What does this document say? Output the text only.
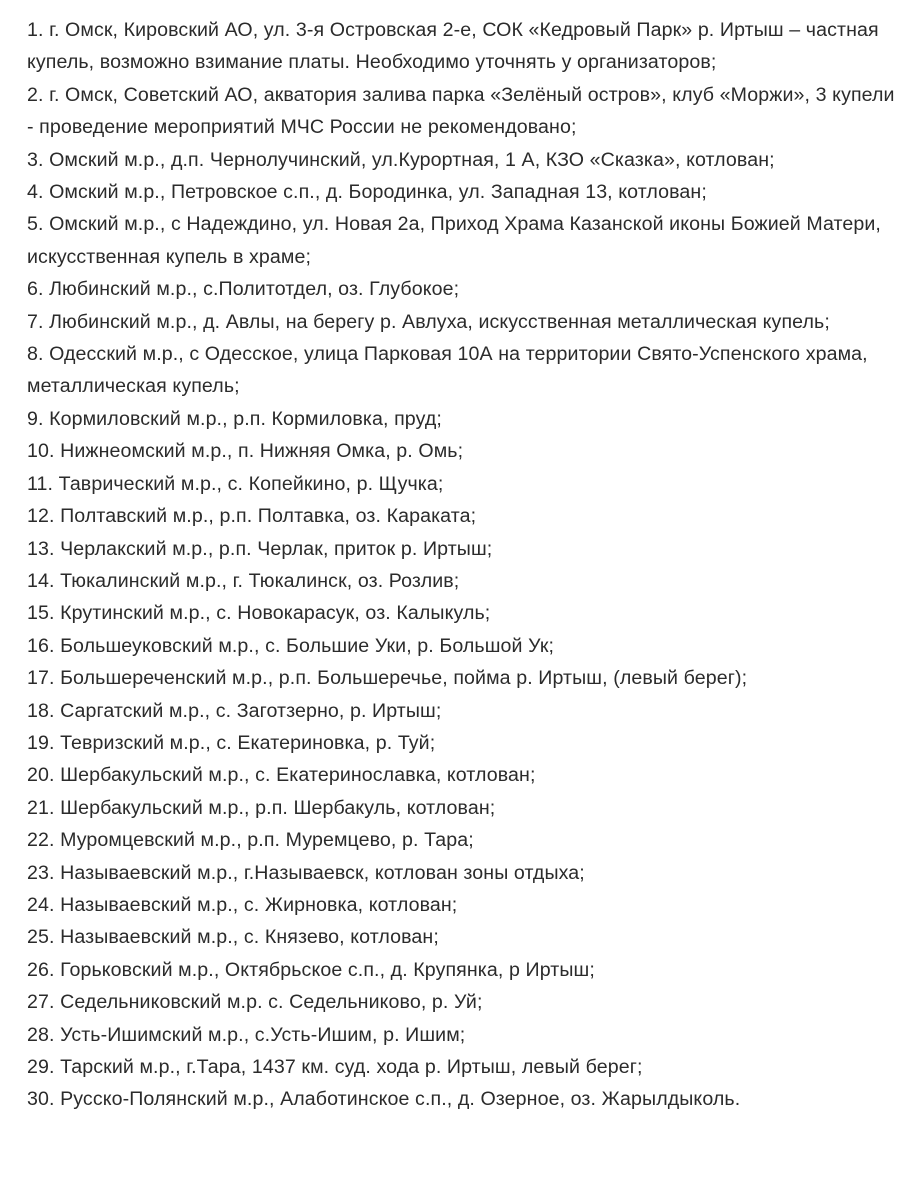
1. г. Омск, Кировский АО, ул. 3-я Островская 2-е, СОК «Кедровый Парк» р. Иртыш – частная купель, возможно взимание платы. Необходимо уточнять у организаторов;
2. г. Омск, Советский АО, акватория залива парка «Зелёный остров», клуб «Моржи», 3 купели - проведение мероприятий МЧС России не рекомендовано;
3. Омский м.р., д.п. Чернолучинский, ул.Курортная, 1 А, КЗО «Сказка», котлован;
4. Омский м.р., Петровское с.п., д. Бородинка, ул. Западная 13, котлован;
5. Омский м.р., с Надеждино, ул. Новая 2а, Приход Храма Казанской иконы Божией Матери, искусственная купель в храме;
6. Любинский м.р., с.Политотдел, оз. Глубокое;
7. Любинский м.р., д. Авлы, на берегу р. Авлуха, искусственная металлическая купель;
8. Одесский м.р., с Одесское, улица Парковая 10А на территории Свято-Успенского храма, металлическая купель;
9. Кормиловский м.р., р.п. Кормиловка, пруд;
10. Нижнеомский м.р., п. Нижняя Омка, р. Омь;
11. Таврический м.р., с. Копейкино, р. Щучка;
12. Полтавский м.р., р.п. Полтавка, оз. Караката;
13. Черлакский м.р., р.п. Черлак, приток р. Иртыш;
14. Тюкалинский м.р., г. Тюкалинск, оз. Розлив;
15. Крутинский м.р., с. Новокарасук, оз. Калыкуль;
16. Большеуковский м.р., с. Большие Уки, р. Большой Ук;
17. Большереченский м.р., р.п. Большеречье, пойма р. Иртыш, (левый берег);
18. Саргатский м.р., с. Заготзерно, р. Иртыш;
19. Тевризский м.р., с. Екатериновка, р. Туй;
20. Шербакульский м.р., с. Екатеринославка, котлован;
21. Шербакульский м.р., р.п. Шербакуль, котлован;
22. Муромцевский м.р., р.п. Муремцево, р. Тара;
23. Называевский м.р., г.Называевск, котлован зоны отдыха;
24. Называевский м.р., с. Жирновка, котлован;
25. Называевский м.р., с. Князево, котлован;
26. Горьковский м.р., Октябрьское с.п., д. Крупянка, р Иртыш;
27. Седельниковский м.р. с. Седельниково, р. Уй;
28. Усть-Ишимский м.р., с.Усть-Ишим, р. Ишим;
29. Тарский м.р., г.Тара, 1437 км. суд. хода р. Иртыш, левый берег;
30. Русско-Полянский м.р., Алаботинское с.п., д. Озерное, оз. Жарылдыколь.
